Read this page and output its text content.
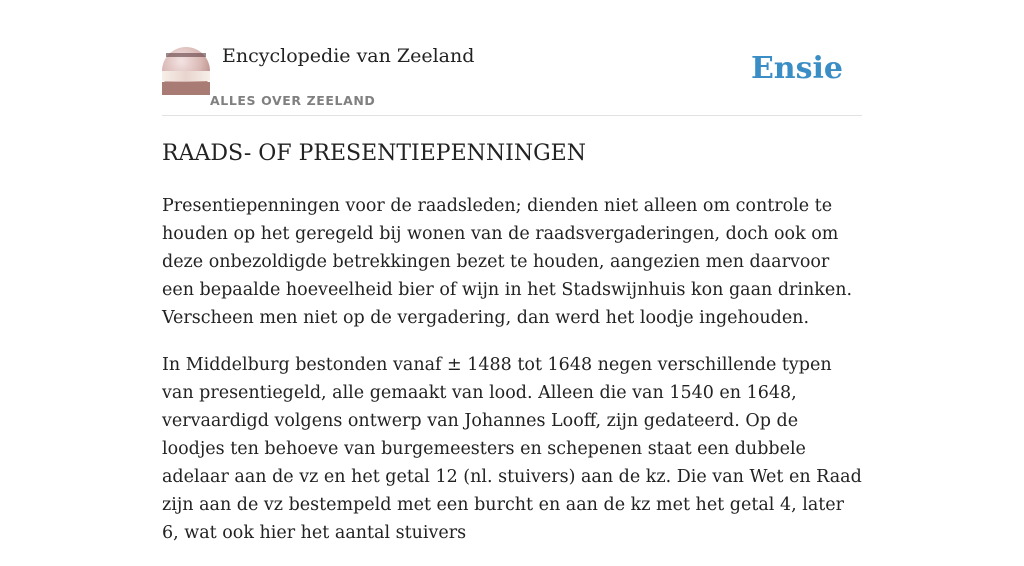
Encyclopedie van Zeeland
ALLES OVER ZEELAND
Ensie
RAADS- OF PRESENTIEPENNINGEN

Presentiepenningen voor de raadsleden; dienden niet alleen om controle te houden op het geregeld bij wonen van de raadsvergaderingen, doch ook om deze onbezoldigde betrekkingen bezet te houden, aangezien men daarvoor een bepaalde hoeveelheid bier of wijn in het Stadswijnhuis kon gaan drinken. Verscheen men niet op de vergadering, dan werd het loodje ingehouden.

In Middelburg bestonden vanaf ± 1488 tot 1648 negen verschillende typen van presentiegeld, alle gemaakt van lood. Alleen die van 1540 en 1648, vervaardigd volgens ontwerp van Johannes Looff, zijn gedateerd. Op de loodjes ten behoeve van burgemeesters en schepenen staat een dubbele adelaar aan de vz en het getal 12 (nl. stuivers) aan de kz. Die van Wet en Raad zijn aan de vz bestempeld met een burcht en aan de kz met het getal 4, later 6, wat ook hier het aantal stuivers
